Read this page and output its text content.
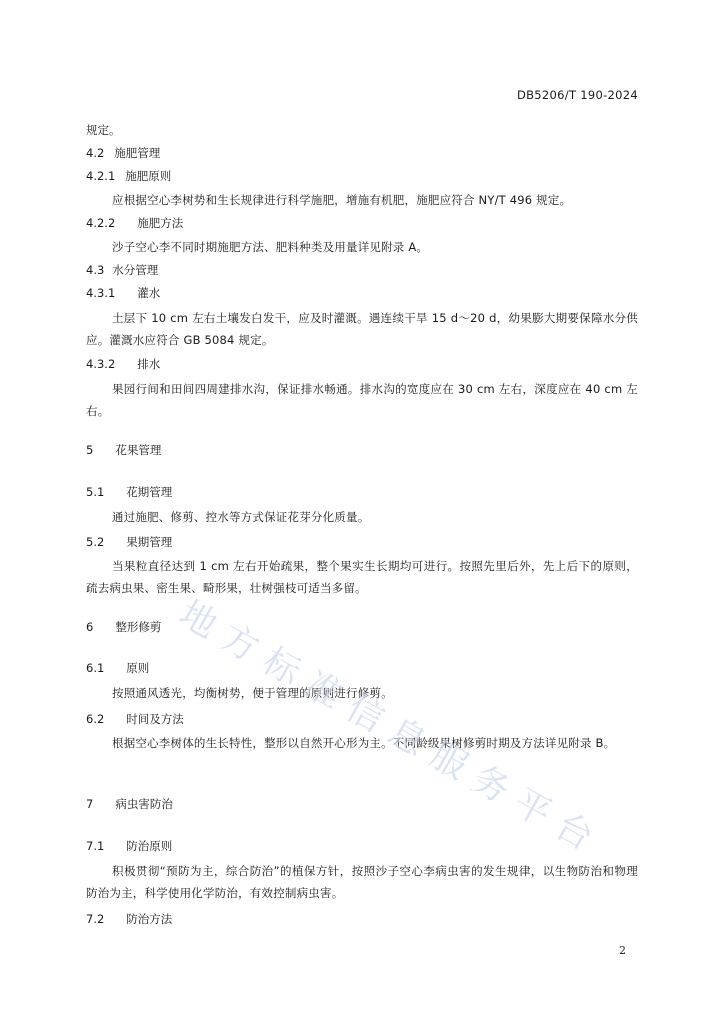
DB5206/T 190-2024
规定。
4.2 施肥管理
4.2.1 施肥原则
应根据空心李树势和生长规律进行科学施肥，增施有机肥，施肥应符合 NY/T 496 规定。
4.2.2 施肥方法
沙子空心李不同时期施肥方法、肥料种类及用量详见附录 A。
4.3 水分管理
4.3.1 灌水
土层下 10 cm 左右土壤发白发干，应及时灌溉。遇连续干旱 15 d～20 d，幼果膨大期要保障水分供应。灌溉水应符合 GB 5084 规定。
4.3.2 排水
果园行间和田间四周建排水沟，保证排水畅通。排水沟的宽度应在 30 cm 左右，深度应在 40 cm 左右。
5 花果管理
5.1 花期管理
通过施肥、修剪、控水等方式保证花芽分化质量。
5.2 果期管理
当果粒直径达到 1 cm 左右开始疏果，整个果实生长期均可进行。按照先里后外，先上后下的原则，疏去病虫果、密生果、畸形果，壮树强枝可适当多留。
6 整形修剪
6.1 原则
按照通风透光，均衡树势，便于管理的原则进行修剪。
6.2 时间及方法
根据空心李树体的生长特性，整形以自然开心形为主。不同龄级果树修剪时期及方法详见附录 B。
7 病虫害防治
7.1 防治原则
积极贯彻“预防为主，综合防治”的植保方针，按照沙子空心李病虫害的发生规律，以生物防治和物理防治为主，科学使用化学防治，有效控制病虫害。
7.2 防治方法
地
方
标
准
信
息
服
务
平
台
2
